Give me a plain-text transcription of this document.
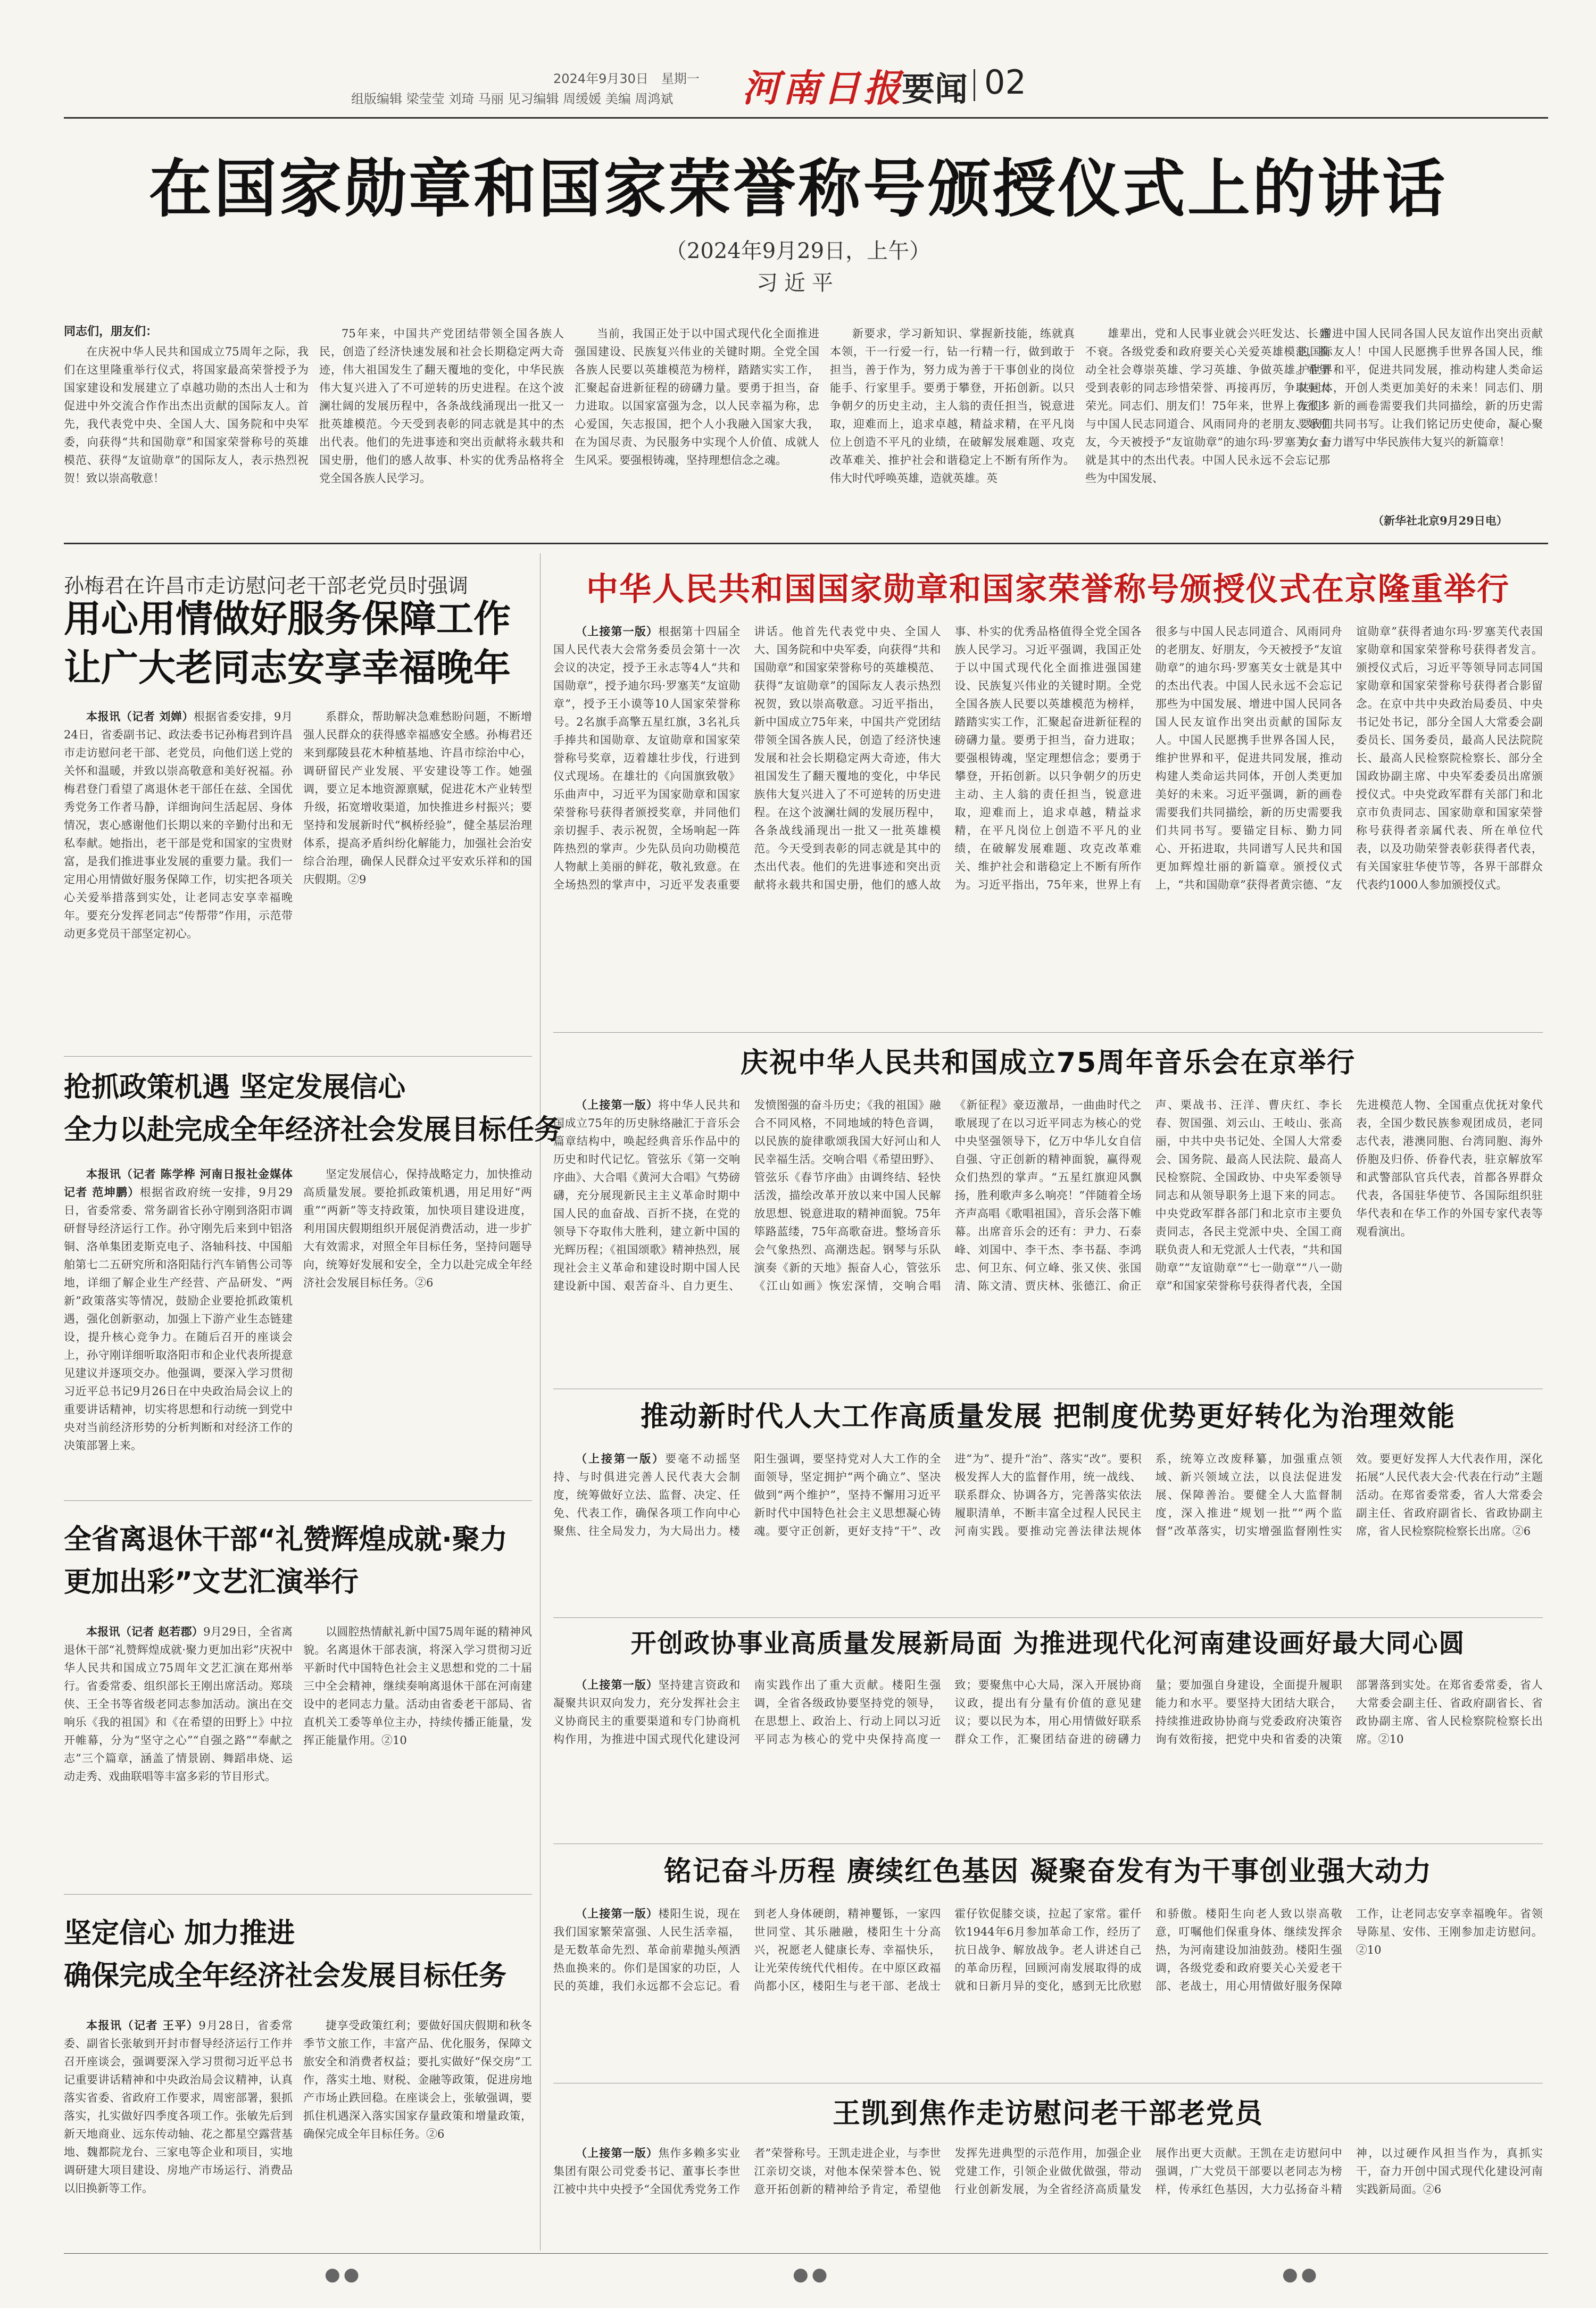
2024年9月30日　星期一
组版编辑 梁莹莹 刘琦 马丽 见习编辑 周缓媛 美编 周鸿斌 河南日报
要闻 02
在国家勋章和国家荣誉称号颁授仪式上的讲话
（2024年9月29日，上午）
习近平
同志们，朋友们：
在庆祝中华人民共和国成立75周年之际，我们在这里隆重举行仪式，将国家最高荣誉授予为国家建设和发展建立了卓越功勋的杰出人士和为促进中外交流合作作出杰出贡献的国际友人。首先，我代表党中央、全国人大、国务院和中央军委，向获得“共和国勋章”和国家荣誉称号的英雄模范、获得“友谊勋章”的国际友人，表示热烈祝贺！致以崇高敬意！
75年来，中国共产党团结带领全国各族人民，创造了经济快速发展和社会长期稳定两大奇迹，伟大祖国发生了翻天覆地的变化，中华民族伟大复兴进入了不可逆转的历史进程。在这个波澜壮阔的发展历程中，各条战线涌现出一批又一批英雄模范。今天受到表彰的同志就是其中的杰出代表。他们的先进事迹和突出贡献将永载共和国史册，他们的感人故事、朴实的优秀品格将全党全国各族人民学习。
当前，我国正处于以中国式现代化全面推进强国建设、民族复兴伟业的关键时期。全党全国各族人民要以英雄模范为榜样，踏踏实实工作，汇聚起奋进新征程的磅礴力量。要勇于担当，奋力进取。以国家富强为念，以人民幸福为称，忠心爱国，矢志报国，把个人小我融入国家大我，在为国尽责、为民服务中实现个人价值、成就人生风采。要强根铸魂，坚持理想信念之魂。
新要求，学习新知识、掌握新技能，练就真本领，干一行爱一行，钻一行精一行，做到敢于担当，善于作为，努力成为善于干事创业的岗位能手、行家里手。要勇于攀登，开拓创新。以只争朝夕的历史主动，主人翁的责任担当，锐意进取，迎难而上，追求卓越，精益求精，在平凡岗位上创造不平凡的业绩，在破解发展难题、攻克改革难关、推护社会和谐稳定上不断有所作为。伟大时代呼唤英雄，造就英雄。英
雄辈出，党和人民事业就会兴旺发达、长盛不衰。各级党委和政府要关心关爱英雄模范，推动全社会尊崇英雄、学习英雄、争做英雄。希望受到表彰的同志珍惜荣誉、再接再厉，争取更大荣光。同志们、朋友们！75年来，世界上有很多与中国人民志同道合、风雨同舟的老朋友、好朋友，今天被授予“友谊勋章”的迪尔玛·罗塞芙女士就是其中的杰出代表。中国人民永远不会忘记那些为中国发展、
增进中国人民同各国人民友谊作出突出贡献的国际友人！中国人民愿携手世界各国人民，维护世界和平，促进共同发展，推动构建人类命运共同体，开创人类更加美好的未来！同志们、朋友们！新的画卷需要我们共同描绘，新的历史需要我们共同书写。让我们铭记历史使命，凝心聚力，奋力谱写中华民族伟大复兴的新篇章！
（新华社北京9月29日电）
孙梅君在许昌市走访慰问老干部老党员时强调
用心用情做好服务保障工作
让广大老同志安享幸福晚年
本报讯（记者 刘婵）根据省委安排，9月24日，省委副书记、政法委书记孙梅君到许昌市走访慰问老干部、老党员，向他们送上党的关怀和温暖，并致以崇高敬意和美好祝福。孙梅君登门看望了离退休老干部任在兹、全国优秀党务工作者马静，详细询问生活起居、身体情况，衷心感谢他们长期以来的辛勤付出和无私奉献。她指出，老干部是党和国家的宝贵财富，是我们推进事业发展的重要力量。我们一定用心用情做好服务保障工作，切实把各项关心关爱举措落到实处，让老同志安享幸福晚年。要充分发挥老同志“传帮带”作用，示范带动更多党员干部坚定初心。
系群众，帮助解决急难愁盼问题，不断增强人民群众的获得感幸福感安全感。孙梅君还来到鄢陵县花木种植基地、许昌市综治中心，调研留民产业发展、平安建设等工作。她强调，要立足本地资源禀赋，促进花木产业转型升级，拓宽增收渠道，加快推进乡村振兴；要坚持和发展新时代“枫桥经验”，健全基层治理体系，提高矛盾纠纷化解能力，加强社会治安综合治理，确保人民群众过平安欢乐祥和的国庆假期。②9
抢抓政策机遇 坚定发展信心
全力以赴完成全年经济社会发展目标任务
本报讯（记者 陈学桦 河南日报社金媒体记者 范坤鹏）根据省政府统一安排，9月29日，省委常委、常务副省长孙守刚到洛阳市调研督导经济运行工作。孙守刚先后来到中铝洛铜、洛单集团麦斯克电子、洛轴科技、中国船舶第七二五研究所和洛阳陆行汽车销售公司等地，详细了解企业生产经营、产品研发、“两新”政策落实等情况，鼓励企业要抢抓政策机遇，强化创新驱动，加强上下游产业生态链建设，提升核心竞争力。在随后召开的座谈会上，孙守刚详细听取洛阳市和企业代表所提意见建议并逐项交办。他强调，要深入学习贯彻习近平总书记9月26日在中央政治局会议上的重要讲话精神，切实将思想和行动统一到党中央对当前经济形势的分析判断和对经济工作的决策部署上来。
坚定发展信心，保持战略定力，加快推动高质量发展。要抢抓政策机遇，用足用好“两重”“两新”等支持政策，加快项目建设进度，利用国庆假期组织开展促消费活动，进一步扩大有效需求，对照全年目标任务，坚持问题导向，统筹好发展和安全，全力以赴完成全年经济社会发展目标任务。②6
全省离退休干部“礼赞辉煌成就·聚力
更加出彩”文艺汇演举行
本报讯（记者 赵若郡）9月29日，全省离退休干部“礼赞辉煌成就·聚力更加出彩”庆祝中华人民共和国成立75周年文艺汇演在郑州举行。省委常委、组织部长王刚出席活动。郑琰侠、王全书等省级老同志参加活动。演出在交响乐《我的祖国》和《在希望的田野上》中拉开帷幕，分为“坚守之心”“自强之路”“奉献之志”三个篇章，涵盖了情景剧、舞蹈串烧、运动走秀、戏曲联唱等丰富多彩的节目形式。
以圆腔热情献礼新中国75周年诞的精神风貌。名离退休干部表演，将深入学习贯彻习近平新时代中国特色社会主义思想和党的二十届三中全会精神，继续奏响离退休干部在河南建设中的老同志力量。活动由省委老干部局、省直机关工委等单位主办，持续传播正能量，发挥正能量作用。②10
坚定信心 加力推进
确保完成全年经济社会发展目标任务
本报讯（记者 王平）9月28日，省委常委、副省长张敏到开封市督导经济运行工作并召开座谈会，强调要深入学习贯彻习近平总书记重要讲话精神和中央政治局会议精神，认真落实省委、省政府工作要求，周密部署，狠抓落实，扎实做好四季度各项工作。张敏先后到新天地商业、远东传动轴、花之都星空露营基地、魏都院龙台、三家电等企业和项目，实地调研建大项目建设、房地产市场运行、消费品以旧换新等工作。
捷享受政策红利；要做好国庆假期和秋冬季节文旅工作，丰富产品、优化服务，保障文旅安全和消费者权益；要扎实做好“保交房”工作，落实土地、财税、金融等政策，促进房地产市场止跌回稳。在座谈会上，张敏强调，要抓住机遇深入落实国家存量政策和增量政策，确保完成全年目标任务。②6
中华人民共和国国家勋章和国家荣誉称号颁授仪式在京隆重举行
（上接第一版）根据第十四届全国人民代表大会常务委员会第十一次会议的决定，授予王永志等4人“共和国勋章”，授予迪尔玛·罗塞芙“友谊勋章”，授予王小谟等10人国家荣誉称号。2名旗手高擎五星红旗，3名礼兵手捧共和国勋章、友谊勋章和国家荣誉称号奖章，迈着雄壮步伐，行进到仪式现场。在雄壮的《向国旗致敬》乐曲声中，习近平为国家勋章和国家荣誉称号获得者颁授奖章，并同他们亲切握手、表示祝贺，全场响起一阵阵热烈的掌声。少先队员向功勋模范人物献上美丽的鲜花，敬礼致意。在全场热烈的掌声中，习近平发表重要讲话。他首先代表党中央、全国人大、国务院和中央军委，向获得“共和国勋章”和国家荣誉称号的英雄模范、获得“友谊勋章”的国际友人表示热烈祝贺，致以崇高敬意。习近平指出，新中国成立75年来，中国共产党团结带领全国各族人民，创造了经济快速发展和社会长期稳定两大奇迹，伟大祖国发生了翻天覆地的变化，中华民族伟大复兴进入了不可逆转的历史进程。在这个波澜壮阔的发展历程中，各条战线涌现出一批又一批英雄模范。今天受到表彰的同志就是其中的杰出代表。他们的先进事迹和突出贡献将永载共和国史册，他们的感人故事、朴实的优秀品格值得全党全国各族人民学习。习近平强调，我国正处于以中国式现代化全面推进强国建设、民族复兴伟业的关键时期。全党全国各族人民要以英雄模范为榜样，踏踏实实工作，汇聚起奋进新征程的磅礴力量。要勇于担当，奋力进取；要强根铸魂，坚定理想信念；要勇于攀登，开拓创新。以只争朝夕的历史主动、主人翁的责任担当，锐意进取，迎难而上，追求卓越，精益求精，在平凡岗位上创造不平凡的业绩，在破解发展难题、攻克改革难关、维护社会和谐稳定上不断有所作为。习近平指出，75年来，世界上有很多与中国人民志同道合、风雨同舟的老朋友、好朋友，今天被授予“友谊勋章”的迪尔玛·罗塞芙女士就是其中的杰出代表。中国人民永远不会忘记那些为中国发展、增进中国人民同各国人民友谊作出突出贡献的国际友人。中国人民愿携手世界各国人民，维护世界和平，促进共同发展，推动构建人类命运共同体，开创人类更加美好的未来。习近平强调，新的画卷需要我们共同描绘，新的历史需要我们共同书写。要锚定目标、勤力同心、开拓进取，共同谱写人民共和国更加辉煌壮丽的新篇章。颁授仪式上，“共和国勋章”获得者黄宗德、“友谊勋章”获得者迪尔玛·罗塞芙代表国家勋章和国家荣誉称号获得者发言。颁授仪式后，习近平等领导同志同国家勋章和国家荣誉称号获得者合影留念。在京中共中央政治局委员、中央书记处书记，部分全国人大常委会副委员长、国务委员，最高人民法院院长、最高人民检察院检察长、部分全国政协副主席、中央军委委员出席颁授仪式。中央党政军群有关部门和北京市负责同志、国家勋章和国家荣誉称号获得者亲属代表、所在单位代表，以及功勋荣誉表彰获得者代表，有关国家驻华使节等，各界干部群众代表约1000人参加颁授仪式。
庆祝中华人民共和国成立75周年音乐会在京举行
（上接第一版）将中华人民共和国成立75年的历史脉络融汇于音乐会篇章结构中，唤起经典音乐作品中的历史和时代记忆。管弦乐《第一交响序曲》、大合唱《黄河大合唱》气势磅礴，充分展现新民主主义革命时期中国人民的血奋战、百折不挠，在党的领导下夺取伟大胜利，建立新中国的光辉历程；《祖国颂歌》精神热烈，展现社会主义革命和建设时期中国人民建设新中国、艰苦奋斗、自力更生、发愤图强的奋斗历史；《我的祖国》融合不同风格，不同地域的特色音调，以民族的旋律歌颂我国大好河山和人民幸福生活。交响合唱《希望田野》、管弦乐《春节序曲》由调终结、轻快活泼，描绘改革开放以来中国人民解放思想、锐意进取的精神面貌。75年筚路蓝缕，75年高歌奋进。整场音乐会气象热烈、高潮迭起。钢琴与乐队演奏《新的天地》振奋人心，管弦乐《江山如画》恢宏深情，交响合唱《新征程》豪迈激昂，一曲曲时代之歌展现了在以习近平同志为核心的党中央坚强领导下，亿万中华儿女自信自强、守正创新的精神面貌，赢得观众们热烈的掌声。“五星红旗迎风飘扬，胜利歌声多么响亮！”伴随着全场齐声高唱《歌唱祖国》，音乐会落下帷幕。出席音乐会的还有：尹力、石泰峰、刘国中、李干杰、李书磊、李鸿忠、何卫东、何立峰、张又侠、张国清、陈文清、贾庆林、张德江、俞正声、栗战书、汪洋、曹庆红、李长春、贺国强、刘云山、王岐山、张高丽，中共中央书记处、全国人大常委会、国务院、最高人民法院、最高人民检察院、全国政协、中央军委领导同志和从领导职务上退下来的同志。中央党政军群各部门和北京市主要负责同志，各民主党派中央、全国工商联负责人和无党派人士代表，“共和国勋章”“友谊勋章”“七一勋章”“八一勋章”和国家荣誉称号获得者代表，全国先进模范人物、全国重点优抚对象代表，全国少数民族参观团成员，老同志代表，港澳同胞、台湾同胞、海外侨胞及归侨、侨眷代表，驻京解放军和武警部队官兵代表，首都各界群众代表，各国驻华使节、各国际组织驻华代表和在华工作的外国专家代表等观看演出。
推动新时代人大工作高质量发展 把制度优势更好转化为治理效能
（上接第一版）要毫不动摇坚持、与时俱进完善人民代表大会制度，统筹做好立法、监督、决定、任免、代表工作，确保各项工作向中心聚焦、往全局发力，为大局出力。楼阳生强调，要坚持党对人大工作的全面领导，坚定拥护“两个确立”、坚决做到“两个维护”，坚持不懈用习近平新时代中国特色社会主义思想凝心铸魂。要守正创新，更好支持“干”、改进“为”、提升“治”、落实“改”。要积极发挥人大的监督作用，统一战线、联系群众、协调各方，完善落实依法履职清单，不断丰富全过程人民民主河南实践。要推动完善法律法规体系，统筹立改废释纂，加强重点领域、新兴领域立法，以良法促进发展、保障善治。要健全人大监督制度，深入推进“规划一批”“两个监督”改革落实，切实增强监督刚性实效。要更好发挥人大代表作用，深化拓展“人民代表大会·代表在行动”主题活动。在郑省委常委，省人大常委会副主任、省政府副省长、省政协副主席，省人民检察院检察长出席。②6
开创政协事业高质量发展新局面 为推进现代化河南建设画好最大同心圆
（上接第一版）坚持建言资政和凝聚共识双向发力，充分发挥社会主义协商民主的重要渠道和专门协商机构作用，为推进中国式现代化建设河南实践作出了重大贡献。楼阳生强调，全省各级政协要坚持党的领导，在思想上、政治上、行动上同以习近平同志为核心的党中央保持高度一致；要聚焦中心大局，深入开展协商议政，提出有分量有价值的意见建议；要以民为本，用心用情做好联系群众工作，汇聚团结奋进的磅礴力量；要加强自身建设，全面提升履职能力和水平。要坚持大团结大联合，持续推进政协协商与党委政府决策咨询有效衔接，把党中央和省委的决策部署落到实处。在郑省委常委，省人大常委会副主任、省政府副省长、省政协副主席、省人民检察院检察长出席。②10
铭记奋斗历程 赓续红色基因 凝聚奋发有为干事创业强大动力
（上接第一版）楼阳生说，现在我们国家繁荣富强、人民生活幸福，是无数革命先烈、革命前辈抛头颅洒热血换来的。你们是国家的功臣，人民的英雄，我们永远都不会忘记。看到老人身体硬朗，精神矍铄，一家四世同堂、其乐融融，楼阳生十分高兴，祝愿老人健康长寿、幸福快乐，让光荣传统代代相传。在中原区政福尚都小区，楼阳生与老干部、老战士霍仔钦促膝交谈，拉起了家常。霍仟钦1944年6月参加革命工作，经历了抗日战争、解放战争。老人讲述自己的革命历程，回顾河南发展取得的成就和日新月异的变化，感到无比欣慰和骄傲。楼阳生向老人致以崇高敬意，叮嘱他们保重身体、继续发挥余热，为河南建设加油鼓劲。楼阳生强调，各级党委和政府要关心关爱老干部、老战士，用心用情做好服务保障工作，让老同志安享幸福晚年。省领导陈星、安伟、王刚参加走访慰问。②10
王凯到焦作走访慰问老干部老党员
（上接第一版）焦作多赖多实业集团有限公司党委书记、董事长李世江被中共中央授予“全国优秀党务工作者”荣誉称号。王凯走进企业，与李世江亲切交谈，对他本保荣誉本色、锐意开拓创新的精神给予肯定，希望他发挥先进典型的示范作用，加强企业党建工作，引领企业做优做强，带动行业创新发展，为全省经济高质量发展作出更大贡献。王凯在走访慰问中强调，广大党员干部要以老同志为榜样，传承红色基因，大力弘扬奋斗精神，以过硬作风担当作为，真抓实干，奋力开创中国式现代化建设河南实践新局面。②6
●●	●●	●●
